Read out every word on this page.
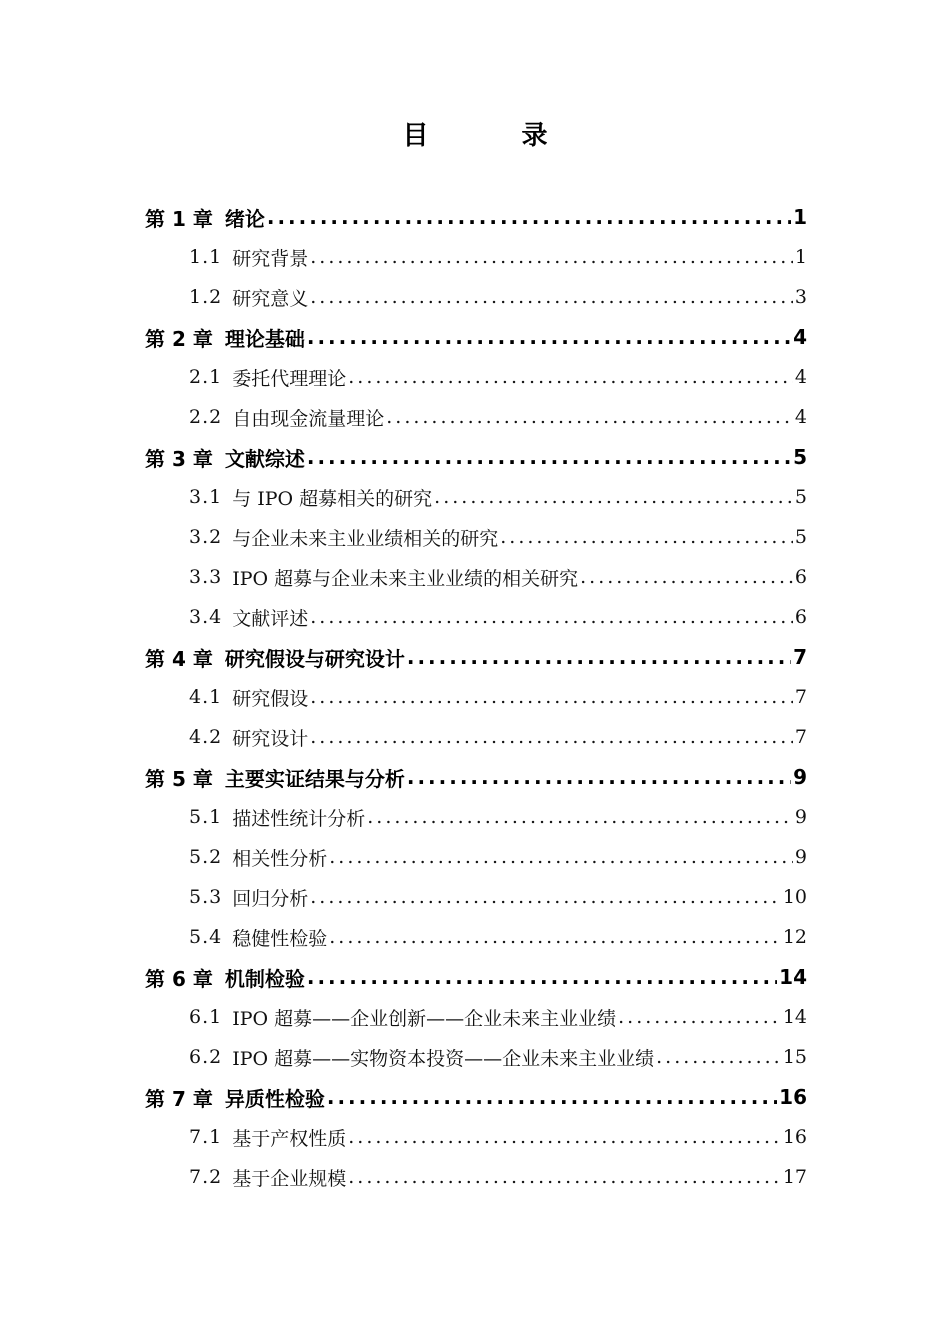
目 录
第 1 章 绪论 .....	1
1.1 研究背景 .....	1
1.2 研究意义 .....	3
第 2 章 理论基础 .....	4
2.1 委托代理理论 .....	4
2.2 自由现金流量理论 .....	4
第 3 章 文献综述 .....	5
3.1 与 IPO 超募相关的研究 .....	5
3.2 与企业未来主业业绩相关的研究 .....	5
3.3 IPO 超募与企业未来主业业绩的相关研究 .....	6
3.4 文献评述 .....	6
第 4 章 研究假设与研究设计 .....	7
4.1 研究假设 .....	7
4.2 研究设计 .....	7
第 5 章 主要实证结果与分析 .....	9
5.1 描述性统计分析 .....	9
5.2 相关性分析 .....	9
5.3 回归分析 .....	10
5.4 稳健性检验 .....	12
第 6 章 机制检验 .....	14
6.1 IPO 超募——企业创新——企业未来主业业绩 .....	14
6.2 IPO 超募——实物资本投资——企业未来主业业绩 .....	15
第 7 章 异质性检验 .....	16
7.1 基于产权性质 .....	16
7.2 基于企业规模 .....	17
